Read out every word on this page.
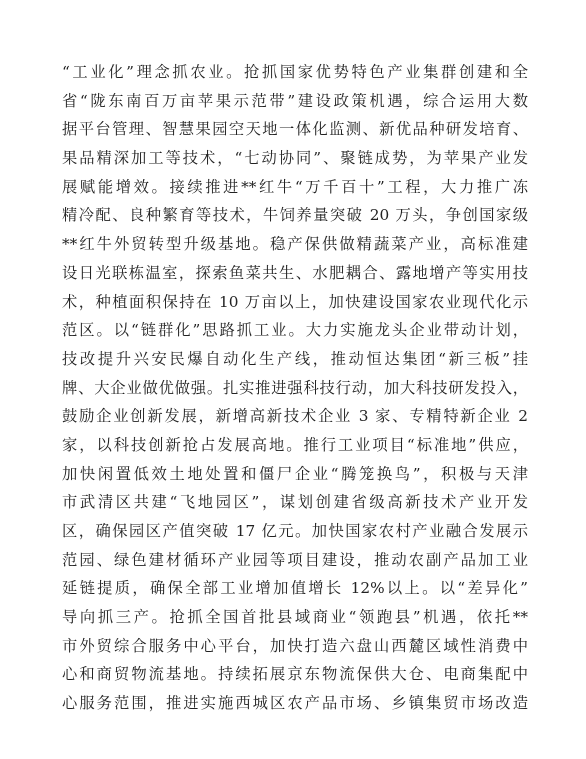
“工业化”理念抓农业。抢抓国家优势特色产业集群创建和全
省“陇东南百万亩苹果示范带”建设政策机遇，综合运用大数
据平台管理、智慧果园空天地一体化监测、新优品种研发培育、
果品精深加工等技术，“七动协同”、聚链成势，为苹果产业发
展赋能增效。接续推进**红牛“万千百十”工程，大力推广冻
精冷配、良种繁育等技术，牛饲养量突破 20 万头，争创国家级
**红牛外贸转型升级基地。稳产保供做精蔬菜产业，高标准建
设日光联栋温室，探索鱼菜共生、水肥耦合、露地增产等实用技
术，种植面积保持在 10 万亩以上，加快建设国家农业现代化示
范区。以“链群化”思路抓工业。大力实施龙头企业带动计划，
技改提升兴安民爆自动化生产线，推动恒达集团“新三板”挂
牌、大企业做优做强。扎实推进强科技行动，加大科技研发投入，
鼓励企业创新发展，新增高新技术企业 3 家、专精特新企业 2
家，以科技创新抢占发展高地。推行工业项目“标准地”供应，
加快闲置低效土地处置和僵尸企业“腾笼换鸟”，积极与天津
市武清区共建“飞地园区”，谋划创建省级高新技术产业开发
区，确保园区产值突破 17 亿元。加快国家农村产业融合发展示
范园、绿色建材循环产业园等项目建设，推动农副产品加工业
延链提质，确保全部工业增加值增长 12%以上。以“差异化”
导向抓三产。抢抓全国首批县域商业“领跑县”机遇，依托**
市外贸综合服务中心平台，加快打造六盘山西麓区域性消费中
心和商贸物流基地。持续拓展京东物流保供大仓、电商集配中
心服务范围，推进实施西城区农产品市场、乡镇集贸市场改造
